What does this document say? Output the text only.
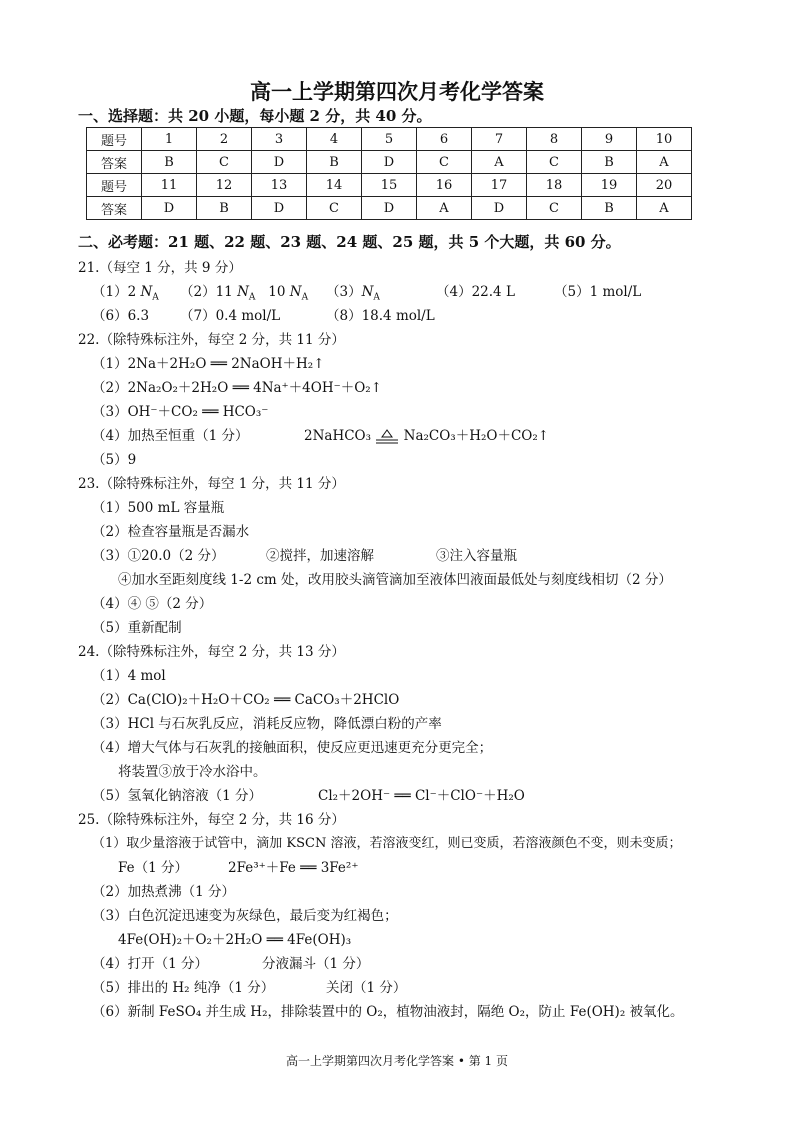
高一上学期第四次月考化学答案
一、选择题：共 20 小题，每小题 2 分，共 40 分。
题号	1	2	3	4	5	6	7	8	9	10
答案	B	C	D	B	D	C	A	C	B	A
题号	11	12	13	14	15	16	17	18	19	20
答案	D	B	D	C	D	A	D	C	B	A
二、必考题：21 题、22 题、23 题、24 题、25 题，共 5 个大题，共 60 分。
21.（每空 1 分，共 9 分）
（1）2 $N_A$ （2）11 $N_A$ 10 $N_A$ $(3)N_A$	（4）22.4 L	（5）1 mol/L
（6）6.3 （7）0.4 mol/L	（8）18.4 mol/L
22.（除特殊标注外，每空 2 分，共 11 分）
（1）2Na＋2H₂O ══ 2NaOH＋H₂↑
（2）2Na₂O₂＋2H₂O ══ 4Na⁺＋4OH⁻＋O₂↑
（3）OH⁻＋CO₂ ══ HCO₃⁻
（4）加热至恒重（1 分）	2NaHCO₃ Na₂CO₃＋H₂O＋CO₂↑
（5）9
23.（除特殊标注外，每空 1 分，共 11 分）
（1）500 mL 容量瓶
（2）检查容量瓶是否漏水
（3）①20.0（2 分）	②搅拌，加速溶解	③注入容量瓶
④加水至距刻度线 1-2 cm 处，改用胶头滴管滴加至液体凹液面最低处与刻度线相切（2 分）
（4）④ ⑤（2 分）
（5）重新配制
24.（除特殊标注外，每空 2 分，共 13 分）
（1）4 mol
（2）Ca(ClO)₂＋H₂O＋CO₂ ══ CaCO₃＋2HClO
（3）HCl 与石灰乳反应，消耗反应物，降低漂白粉的产率
（4）增大气体与石灰乳的接触面积，使反应更迅速更充分更完全；
将装置③放于冷水浴中。
（5）氢氧化钠溶液（1 分）	Cl₂＋2OH⁻ ══ Cl⁻＋ClO⁻＋H₂O
25.（除特殊标注外，每空 2 分，共 16 分）
（1）取少量溶液于试管中，滴加 KSCN 溶液，若溶液变红，则已变质，若溶液颜色不变，则未变质；
Fe（1 分）	2Fe³⁺＋Fe ══ 3Fe²⁺
（2）加热煮沸（1 分）
（3）白色沉淀迅速变为灰绿色，最后变为红褐色；
4Fe(OH)₂＋O₂＋2H₂O ══ 4Fe(OH)₃
（4）打开（1 分）	分液漏斗（1 分）
（5）排出的 H₂ 纯净（1 分）	关闭（1 分）
（6）新制 FeSO₄ 并生成 H₂，排除装置中的 O₂，植物油液封，隔绝 O₂，防止 Fe(OH)₂ 被氧化。
高一上学期第四次月考化学答案 • 第 1 页
